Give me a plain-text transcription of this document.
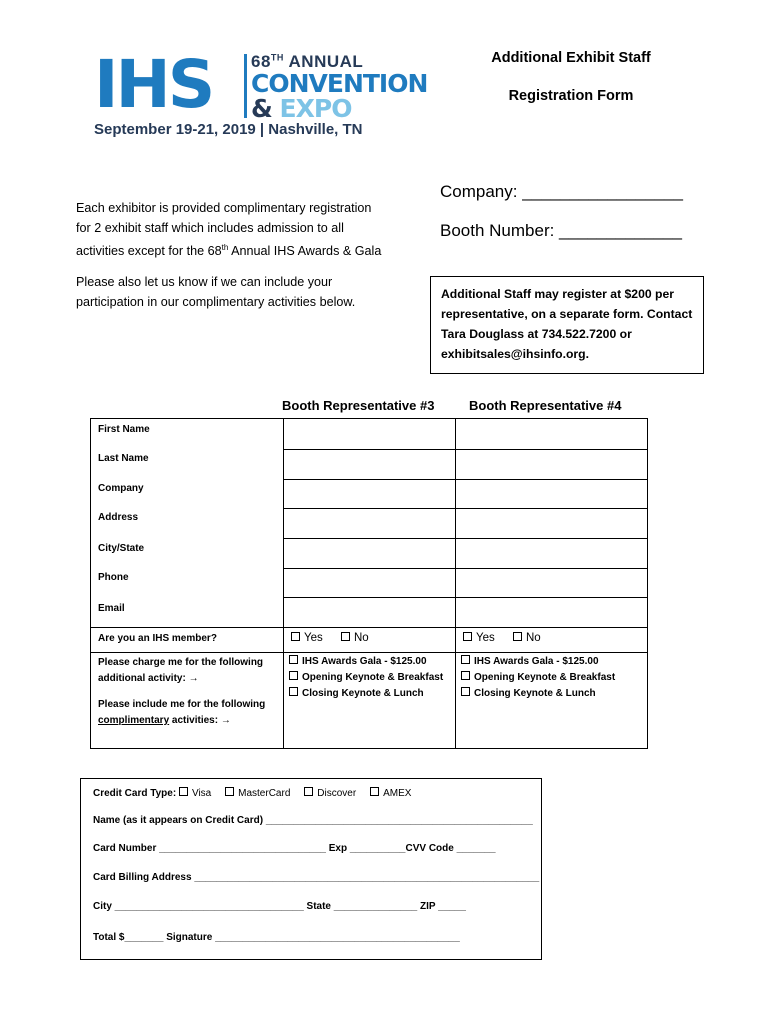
IHS 68TH ANNUAL
CONVENTION
& EXPO
September 19-21, 2019 | Nashville, TN
Additional Exhibit Staff
Registration Form
Each exhibitor is provided complimentary registration
for 2 exhibit staff which includes admission to all
activities except for the 68th Annual IHS Awards & Gala
Please also let us know if we can include your
participation in our complimentary activities below.
Company: _________________
Booth Number: _____________
Additional Staff may register at $200 per
representative, on a separate form. Contact
Tara Douglass at 734.522.7200 or
exhibitsales@ihsinfo.org.
Booth Representative #3	Booth Representative #4
First Name
Last Name
Company
Address
City/State
Phone
Email
Are you an IHS member?	Yes	No	Yes	No
Please charge me for the following
additional activity: →
Please include me for the following
complimentary activities: →
IHS Awards Gala - $125.00
Opening Keynote & Breakfast
Closing Keynote & Lunch
IHS Awards Gala - $125.00
Opening Keynote & Breakfast
Closing Keynote & Lunch
Credit Card Type: Visa	MasterCard	Discover	AMEX
Name (as it appears on Credit Card) ________________________________________________
Card Number ______________________________ Exp __________CVV Code _______
Card Billing Address ______________________________________________________________
City __________________________________ State _______________ ZIP _____
Total $_______ Signature ____________________________________________
